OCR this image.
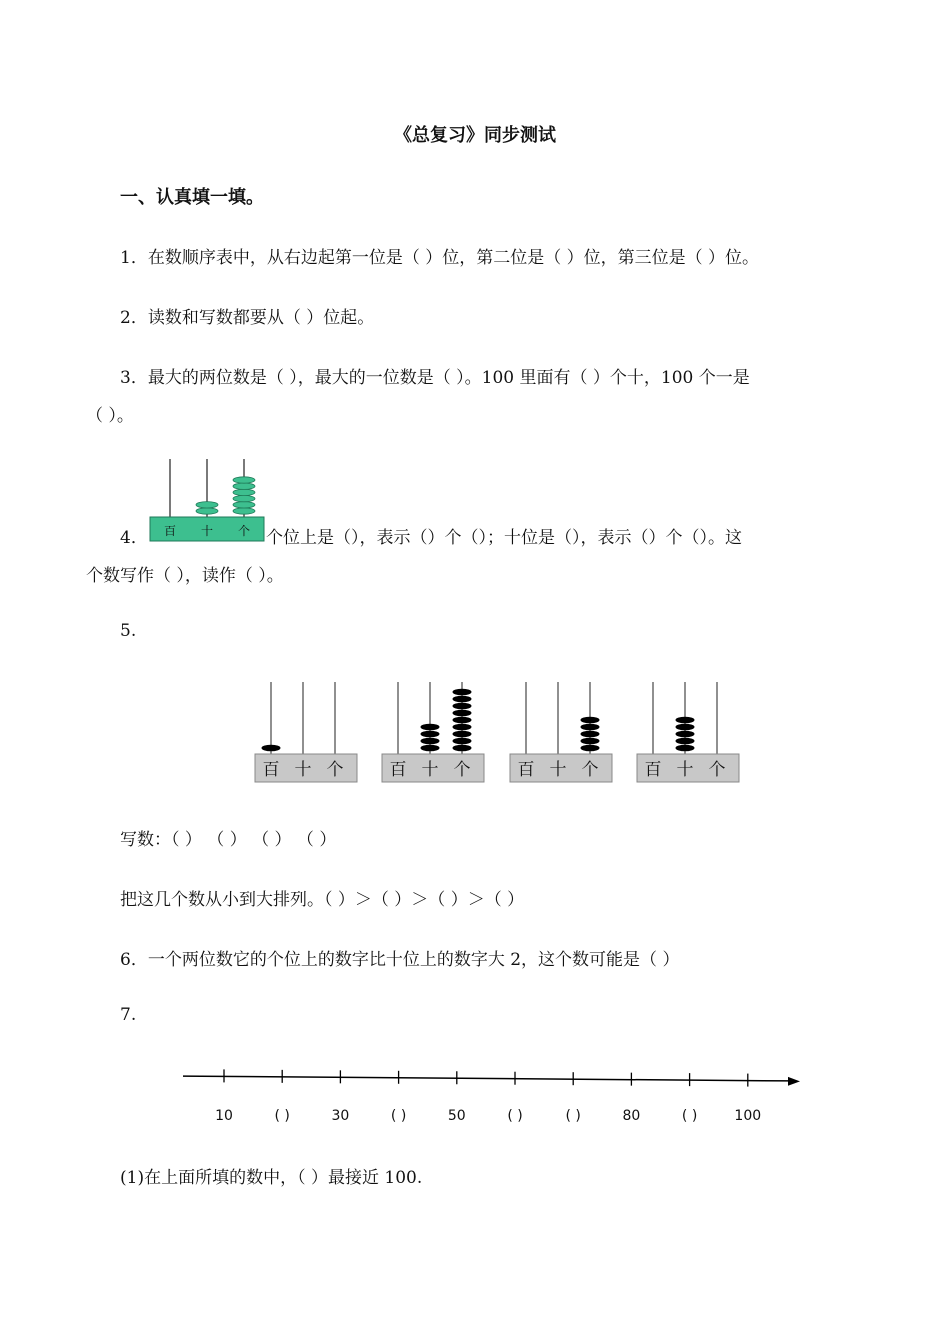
《总复习》同步测试
一、认真填一填。
1．在数顺序表中，从右边起第一位是（ ）位，第二位是（ ）位，第三位是（ ）位。
2．读数和写数都要从（ ）位起。
3．最大的两位数是（ ），最大的一位数是（ ）。100 里面有（ ）个十，100 个一是
（ ）。
4． 百 十 个 个位上是（），表示（）个（）；十位是（），表示（）个（）。这
个数写作（ ），读作（ ）。
5.
百 十 个	百 十 个	百 十 个	百 十 个
写数：（ ） （ ） （ ） （ ）
把这几个数从小到大排列。（ ）＞（ ）＞（ ）＞（ ）
6．一个两位数它的个位上的数字比十位上的数字大 2，这个数可能是（ ）
7.
10	( )	30	( )	50	( )	( )	80	( )	100
(1)在上面所填的数中，（ ）最接近 100.
